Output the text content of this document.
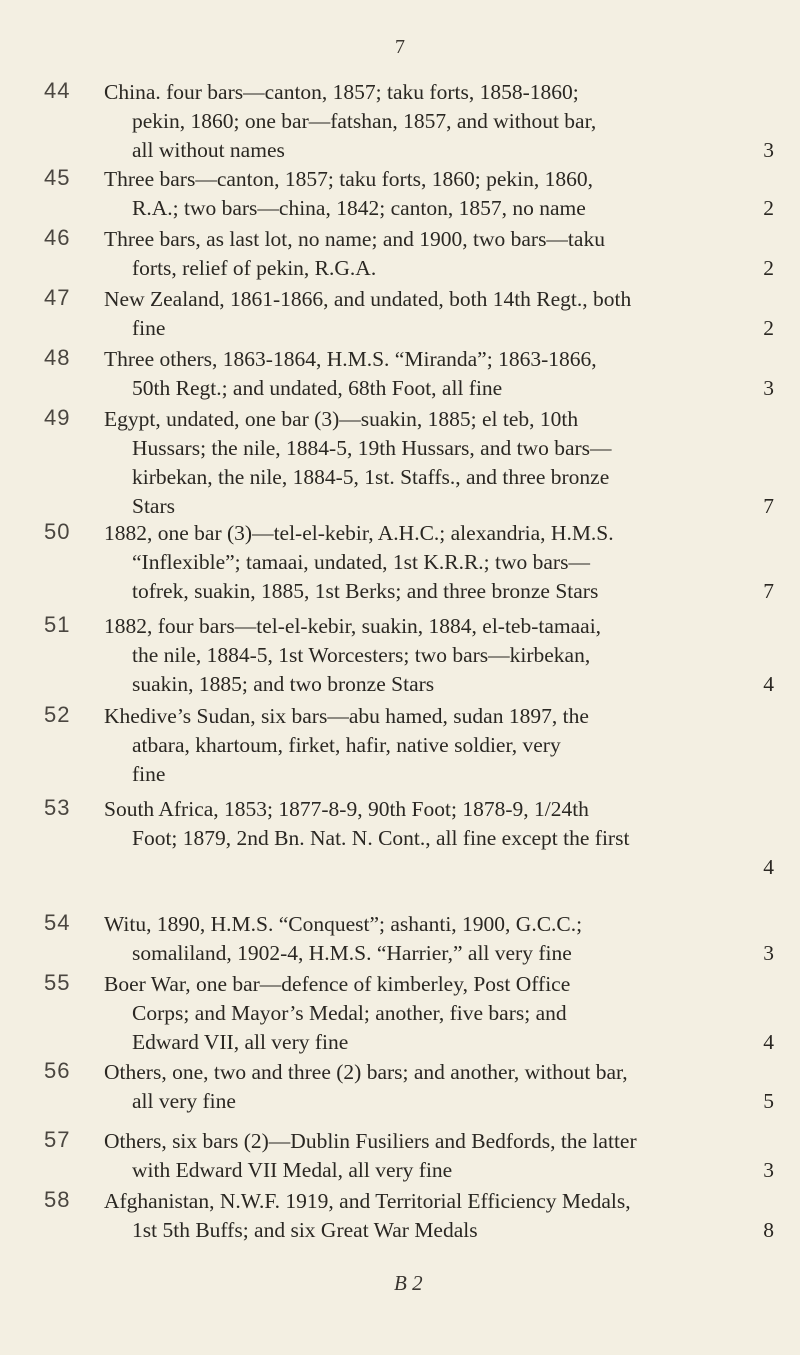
7
44 China. four bars—canton, 1857; taku forts, 1858-1860;
pekin, 1860; one bar—fatshan, 1857, and without bar,
all without names	3
45 Three bars—canton, 1857; taku forts, 1860; pekin, 1860,
R.A.; two bars—china, 1842; canton, 1857, no name	2
46 Three bars, as last lot, no name; and 1900, two bars—taku
forts, relief of pekin, R.G.A.	2
47 New Zealand, 1861-1866, and undated, both 14th Regt., both
fine	2
48 Three others, 1863-1864, H.M.S. “Miranda”; 1863-1866,
50th Regt.; and undated, 68th Foot, all fine	3
49 Egypt, undated, one bar (3)—suakin, 1885; el teb, 10th
Hussars; the nile, 1884-5, 19th Hussars, and two bars—
kirbekan, the nile, 1884-5, 1st. Staffs., and three bronze
Stars	7
50 1882, one bar (3)—tel-el-kebir, A.H.C.; alexandria, H.M.S.
“Inflexible”; tamaai, undated, 1st K.R.R.; two bars—
tofrek, suakin, 1885, 1st Berks; and three bronze Stars	7
51 1882, four bars—tel-el-kebir, suakin, 1884, el-teb-tamaai,
the nile, 1884-5, 1st Worcesters; two bars—kirbekan,
suakin, 1885; and two bronze Stars	4
52 Khedive’s Sudan, six bars—abu hamed, sudan 1897, the
atbara, khartoum, firket, hafir, native soldier, very
fine
53 South Africa, 1853; 1877-8-9, 90th Foot; 1878-9, 1/24th
Foot; 1879, 2nd Bn. Nat. N. Cont., all fine except the first
4
54 Witu, 1890, H.M.S. “Conquest”; ashanti, 1900, G.C.C.;
somaliland, 1902-4, H.M.S. “Harrier,” all very fine	3
55 Boer War, one bar—defence of kimberley, Post Office
Corps; and Mayor’s Medal; another, five bars; and
Edward VII, all very fine	4
56 Others, one, two and three (2) bars; and another, without bar,
all very fine	5
57 Others, six bars (2)—Dublin Fusiliers and Bedfords, the latter
with Edward VII Medal, all very fine	3
58 Afghanistan, N.W.F. 1919, and Territorial Efficiency Medals,
1st 5th Buffs; and six Great War Medals	8
B 2
